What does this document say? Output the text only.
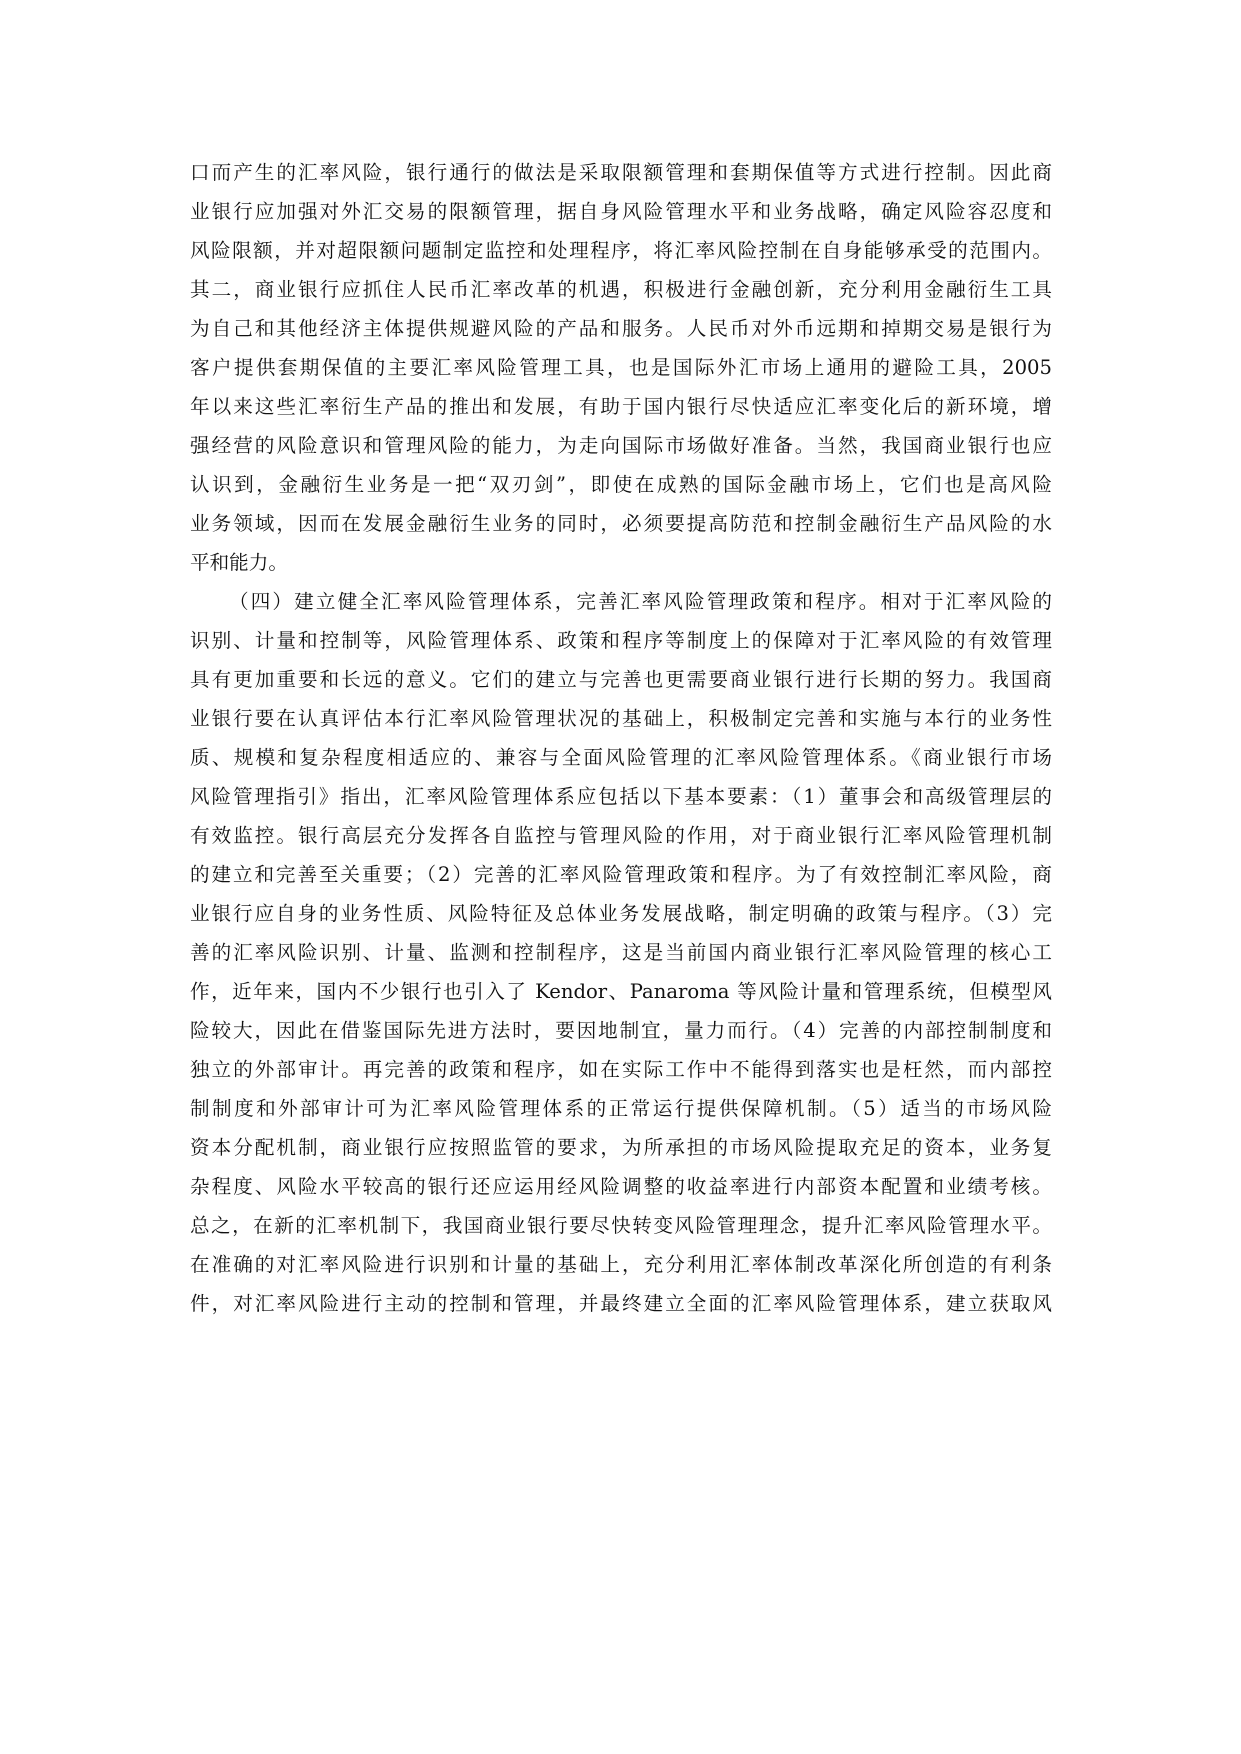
口而产生的汇率风险，银行通行的做法是采取限额管理和套期保值等方式进行控制。因此商
业银行应加强对外汇交易的限额管理，据自身风险管理水平和业务战略，确定风险容忍度和
风险限额，并对超限额问题制定监控和处理程序，将汇率风险控制在自身能够承受的范围内。
其二，商业银行应抓住人民币汇率改革的机遇，积极进行金融创新，充分利用金融衍生工具
为自己和其他经济主体提供规避风险的产品和服务。人民币对外币远期和掉期交易是银行为
客户提供套期保值的主要汇率风险管理工具，也是国际外汇市场上通用的避险工具，2005
年以来这些汇率衍生产品的推出和发展，有助于国内银行尽快适应汇率变化后的新环境，增
强经营的风险意识和管理风险的能力，为走向国际市场做好准备。当然，我国商业银行也应
认识到，金融衍生业务是一把“双刃剑”，即使在成熟的国际金融市场上，它们也是高风险
业务领域，因而在发展金融衍生业务的同时，必须要提高防范和控制金融衍生产品风险的水
平和能力。
（四）建立健全汇率风险管理体系，完善汇率风险管理政策和程序。相对于汇率风险的
识别、计量和控制等，风险管理体系、政策和程序等制度上的保障对于汇率风险的有效管理
具有更加重要和长远的意义。它们的建立与完善也更需要商业银行进行长期的努力。我国商
业银行要在认真评估本行汇率风险管理状况的基础上，积极制定完善和实施与本行的业务性
质、规模和复杂程度相适应的、兼容与全面风险管理的汇率风险管理体系。《商业银行市场
风险管理指引》指出，汇率风险管理体系应包括以下基本要素：（1）董事会和高级管理层的
有效监控。银行高层充分发挥各自监控与管理风险的作用，对于商业银行汇率风险管理机制
的建立和完善至关重要；（2）完善的汇率风险管理政策和程序。为了有效控制汇率风险，商
业银行应自身的业务性质、风险特征及总体业务发展战略，制定明确的政策与程序。（3）完
善的汇率风险识别、计量、监测和控制程序，这是当前国内商业银行汇率风险管理的核心工
作，近年来，国内不少银行也引入了 Kendor、Panaroma 等风险计量和管理系统，但模型风
险较大，因此在借鉴国际先进方法时，要因地制宜，量力而行。（4）完善的内部控制制度和
独立的外部审计。再完善的政策和程序，如在实际工作中不能得到落实也是枉然，而内部控
制制度和外部审计可为汇率风险管理体系的正常运行提供保障机制。（5）适当的市场风险
资本分配机制，商业银行应按照监管的要求，为所承担的市场风险提取充足的资本，业务复
杂程度、风险水平较高的银行还应运用经风险调整的收益率进行内部资本配置和业绩考核。
总之，在新的汇率机制下，我国商业银行要尽快转变风险管理理念，提升汇率风险管理水平。
在准确的对汇率风险进行识别和计量的基础上，充分利用汇率体制改革深化所创造的有利条
件，对汇率风险进行主动的控制和管理，并最终建立全面的汇率风险管理体系，建立获取风
